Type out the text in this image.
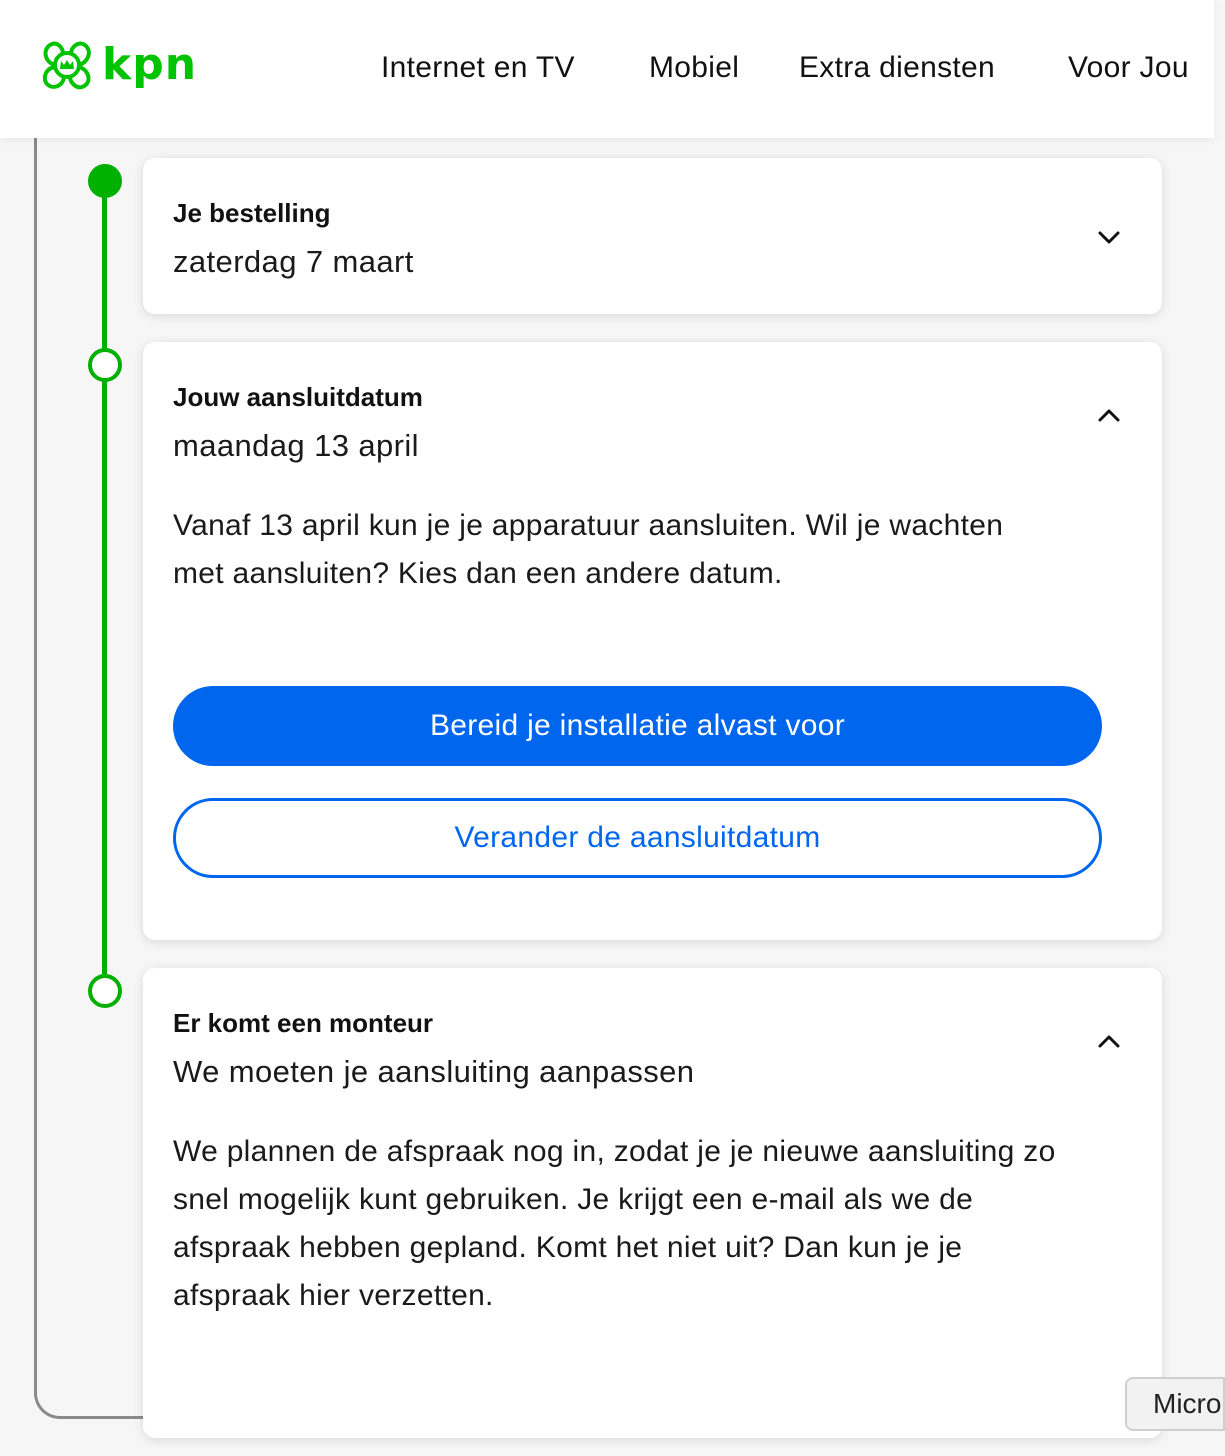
kpn	Internet en TV Mobiel Extra diensten Voor Jou
Je bestelling
zaterdag 7 maart
Jouw aansluitdatum
maandag 13 april
Vanaf 13 april kun je je apparatuur aansluiten. Wil je wachten
met aansluiten? Kies dan een andere datum.
Bereid je installatie alvast voor
Verander de aansluitdatum
Er komt een monteur
We moeten je aansluiting aanpassen
We plannen de afspraak nog in, zodat je je nieuwe aansluiting zo
snel mogelijk kunt gebruiken. Je krijgt een e-mail als we de
afspraak hebben gepland. Komt het niet uit? Dan kun je je
afspraak hier verzetten.
Micro
